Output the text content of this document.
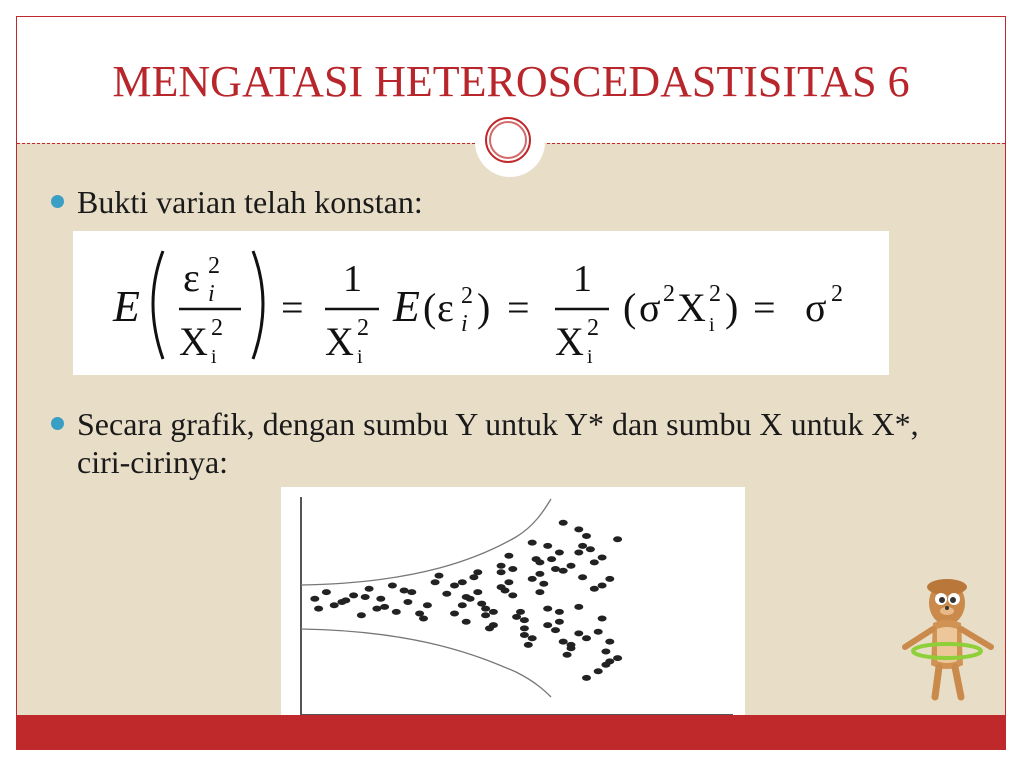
MENGATASI HETEROSCEDASTISITAS 6
Bukti varian telah konstan:
E
ε 2
i
X 2
i
=
1
X 2
i
E ( ε 2
i ) =
1
X 2
i
( σ 2 X 2
i ) = σ 2
Secara grafik, dengan sumbu Y untuk Y* dan sumbu X untuk X*, ciri-cirinya:
